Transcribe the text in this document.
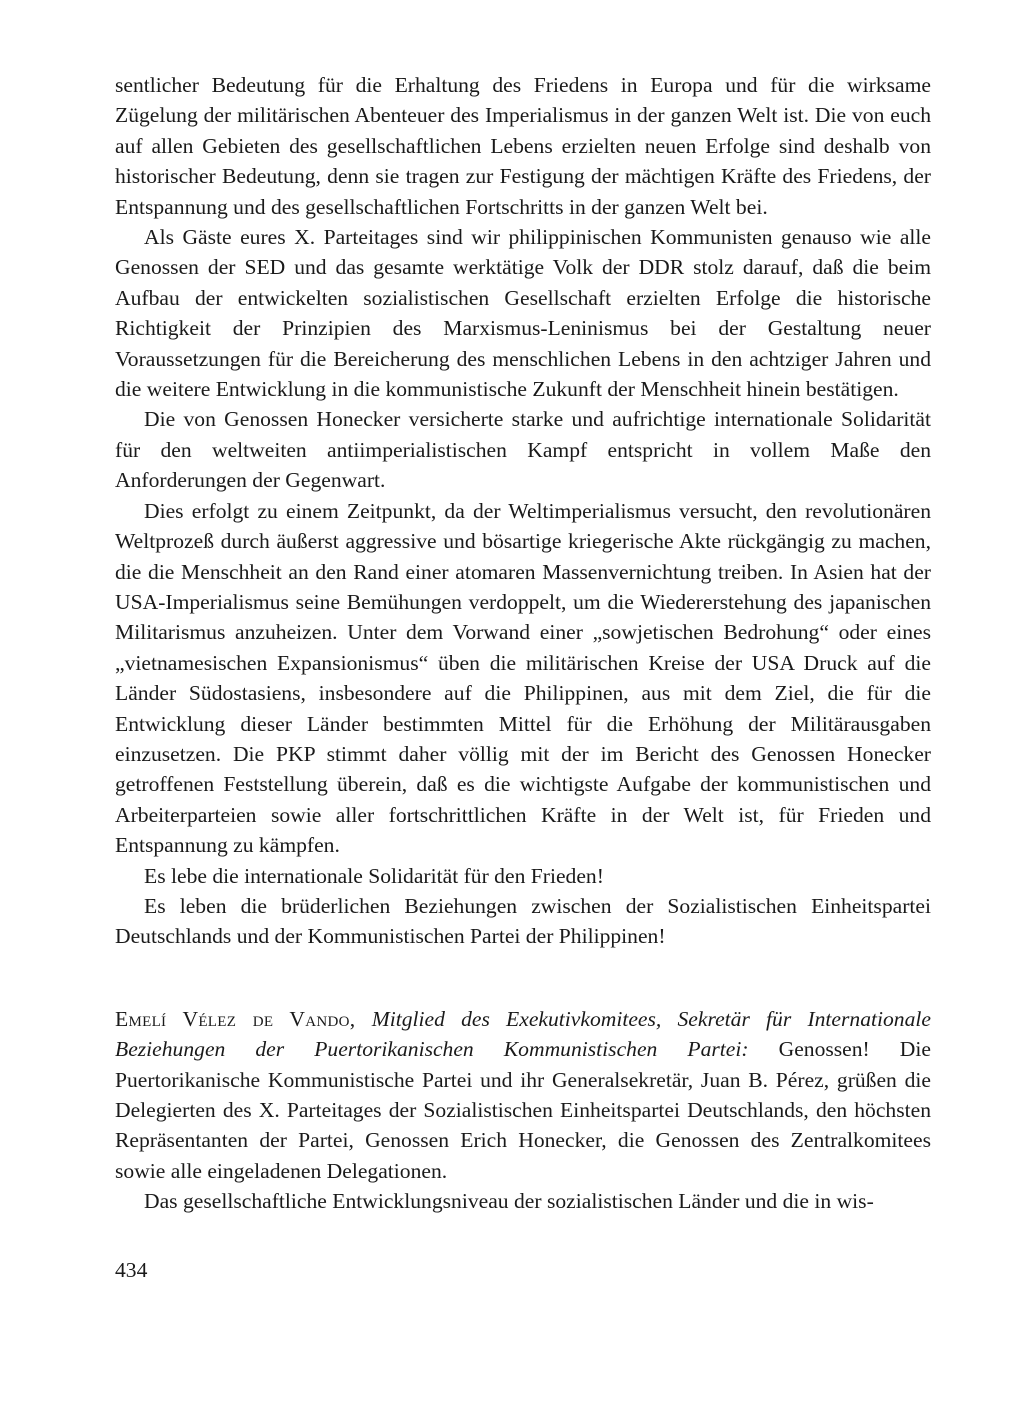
sentlicher Bedeutung für die Erhaltung des Friedens in Europa und für die wirksame Zügelung der militärischen Abenteuer des Imperialismus in der ganzen Welt ist. Die von euch auf allen Gebieten des gesellschaftlichen Lebens erzielten neuen Erfolge sind deshalb von historischer Bedeutung, denn sie tragen zur Festigung der mächtigen Kräfte des Friedens, der Entspannung und des gesellschaftlichen Fortschritts in der ganzen Welt bei.

Als Gäste eures X. Parteitages sind wir philippinischen Kommunisten genauso wie alle Genossen der SED und das gesamte werktätige Volk der DDR stolz darauf, daß die beim Aufbau der entwickelten sozialistischen Gesellschaft erzielten Erfolge die historische Richtigkeit der Prinzipien des Marxismus-Leninismus bei der Gestaltung neuer Voraussetzungen für die Bereicherung des menschlichen Lebens in den achtziger Jahren und die weitere Entwicklung in die kommunistische Zukunft der Menschheit hinein bestätigen.

Die von Genossen Honecker versicherte starke und aufrichtige internationale Solidarität für den weltweiten antiimperialistischen Kampf entspricht in vollem Maße den Anforderungen der Gegenwart.

Dies erfolgt zu einem Zeitpunkt, da der Weltimperialismus versucht, den revolutionären Weltprozeß durch äußerst aggressive und bösartige kriegerische Akte rückgängig zu machen, die die Menschheit an den Rand einer atomaren Massenvernichtung treiben. In Asien hat der USA-Imperialismus seine Bemühungen verdoppelt, um die Wiedererstehung des japanischen Militarismus anzuheizen. Unter dem Vorwand einer „sowjetischen Bedrohung“ oder eines „vietnamesischen Expansionismus“ üben die militärischen Kreise der USA Druck auf die Länder Südostasiens, insbesondere auf die Philippinen, aus mit dem Ziel, die für die Entwicklung dieser Länder bestimmten Mittel für die Erhöhung der Militärausgaben einzusetzen. Die PKP stimmt daher völlig mit der im Bericht des Genossen Honecker getroffenen Feststellung überein, daß es die wichtigste Aufgabe der kommunistischen und Arbeiterparteien sowie aller fortschrittlichen Kräfte in der Welt ist, für Frieden und Entspannung zu kämpfen.

Es lebe die internationale Solidarität für den Frieden!

Es leben die brüderlichen Beziehungen zwischen der Sozialistischen Einheitspartei Deutschlands und der Kommunistischen Partei der Philippinen!

Emelí Vélez de Vando, Mitglied des Exekutivkomitees, Sekretär für Internationale Beziehungen der Puertorikanischen Kommunistischen Partei: Genossen! Die Puertorikanische Kommunistische Partei und ihr Generalsekretär, Juan B. Pérez, grüßen die Delegierten des X. Parteitages der Sozialistischen Einheitspartei Deutschlands, den höchsten Repräsentanten der Partei, Genossen Erich Honecker, die Genossen des Zentralkomitees sowie alle eingeladenen Delegationen.

Das gesellschaftliche Entwicklungsniveau der sozialistischen Länder und die in wis-

434
